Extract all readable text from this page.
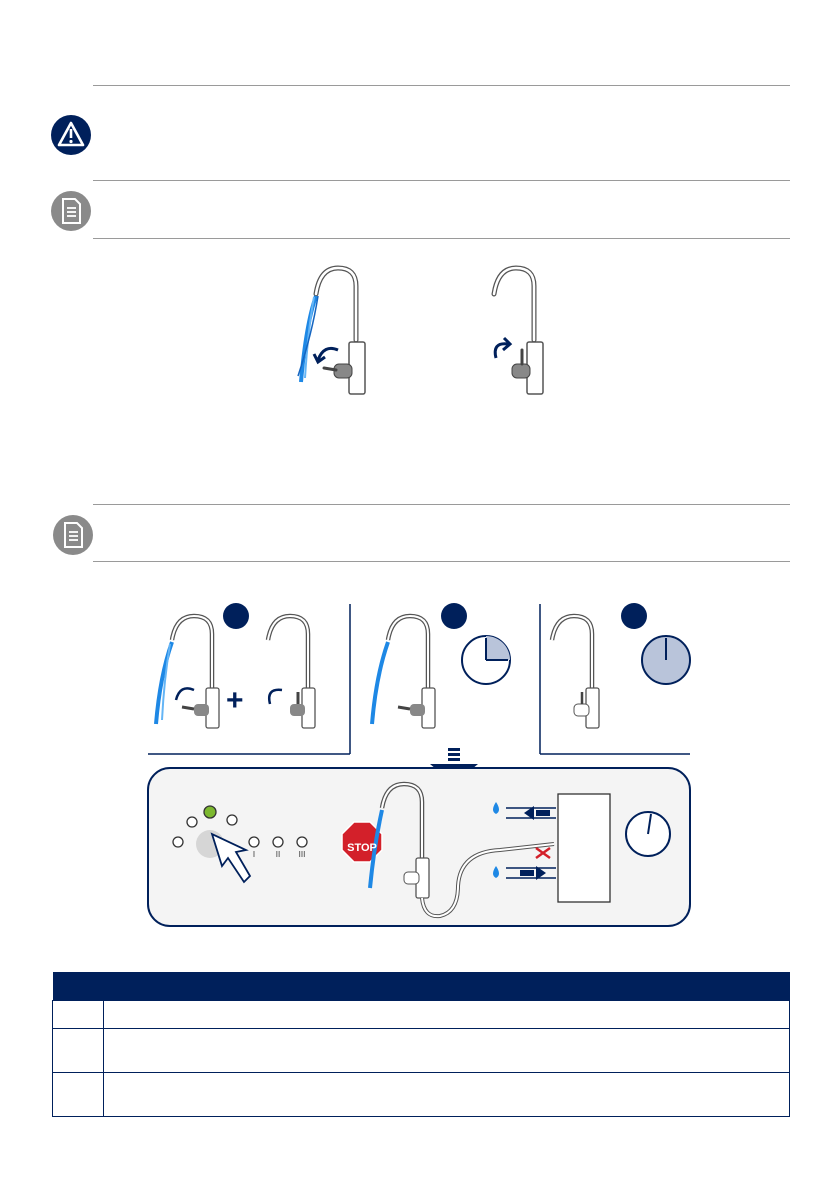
+
STOP
I	II	III
